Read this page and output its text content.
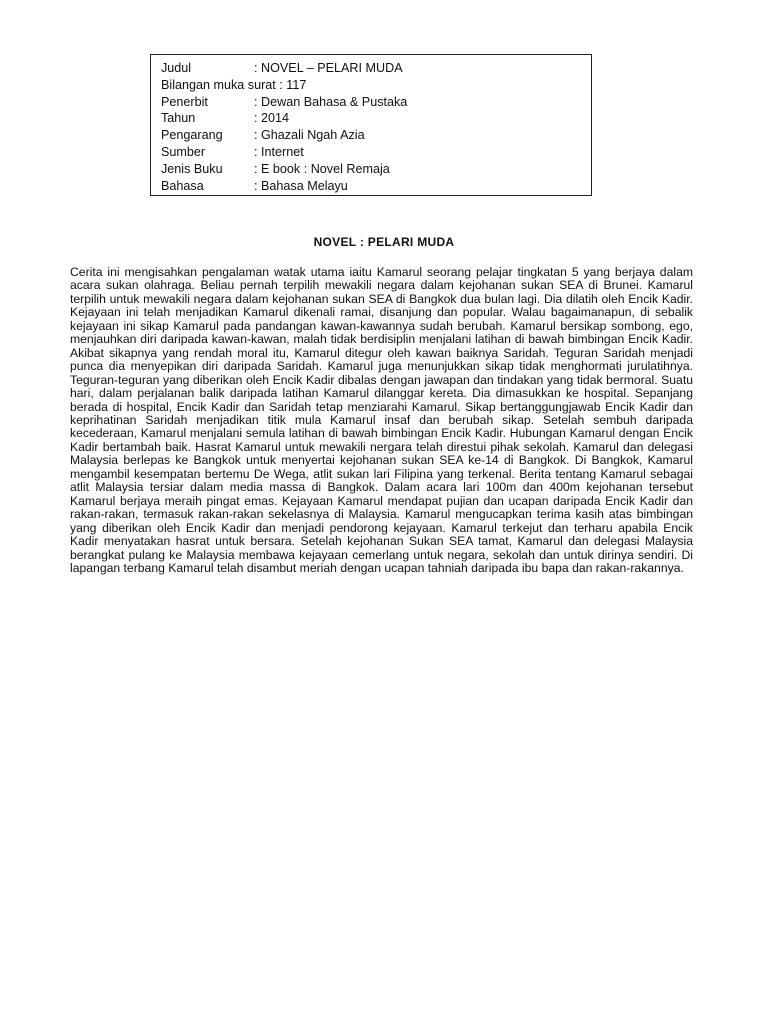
Judul	: NOVEL – PELARI MUDA
Bilangan muka surat : 117
Penerbit	: Dewan Bahasa & Pustaka
Tahun	: 2014
Pengarang : Ghazali Ngah Azia
Sumber	: Internet
Jenis Buku : E book : Novel Remaja
Bahasa	: Bahasa Melayu
NOVEL : PELARI MUDA

Cerita ini mengisahkan pengalaman watak utama iaitu Kamarul seorang pelajar tingkatan 5 yang berjaya dalam acara sukan olahraga. Beliau pernah terpilih mewakili negara dalam kejohanan sukan SEA di Brunei. Kamarul terpilih untuk mewakili negara dalam kejohanan sukan SEA di Bangkok dua bulan lagi. Dia dilatih oleh Encik Kadir. Kejayaan ini telah menjadikan Kamarul dikenali ramai, disanjung dan popular. Walau bagaimanapun, di sebalik kejayaan ini sikap Kamarul pada pandangan kawan-kawannya sudah berubah. Kamarul bersikap sombong, ego, menjauhkan diri daripada kawan-kawan, malah tidak berdisiplin menjalani latihan di bawah bimbingan Encik Kadir. Akibat sikapnya yang rendah moral itu, Kamarul ditegur oleh kawan baiknya Saridah. Teguran Saridah menjadi punca dia menyepikan diri daripada Saridah. Kamarul juga menunjukkan sikap tidak menghormati jurulatihnya. Teguran-teguran yang diberikan oleh Encik Kadir dibalas dengan jawapan dan tindakan yang tidak bermoral. Suatu hari, dalam perjalanan balik daripada latihan Kamarul dilanggar kereta. Dia dimasukkan ke hospital. Sepanjang berada di hospital, Encik Kadir dan Saridah tetap menziarahi Kamarul. Sikap bertanggungjawab Encik Kadir dan keprihatinan Saridah menjadikan titik mula Kamarul insaf dan berubah sikap. Setelah sembuh daripada kecederaan, Kamarul menjalani semula latihan di bawah bimbingan Encik Kadir. Hubungan Kamarul dengan Encik Kadir bertambah baik. Hasrat Kamarul untuk mewakili nergara telah direstui pihak sekolah. Kamarul dan delegasi Malaysia berlepas ke Bangkok untuk menyertai kejohanan sukan SEA ke-14 di Bangkok. Di Bangkok, Kamarul mengambil kesempatan bertemu De Wega, atlit sukan lari Filipina yang terkenal. Berita tentang Kamarul sebagai atlit Malaysia tersiar dalam media massa di Bangkok. Dalam acara lari 100m dan 400m kejohanan tersebut Kamarul berjaya meraih pingat emas. Kejayaan Kamarul mendapat pujian dan ucapan daripada Encik Kadir dan rakan-rakan, termasuk rakan-rakan sekelasnya di Malaysia. Kamarul mengucapkan terima kasih atas bimbingan yang diberikan oleh Encik Kadir dan menjadi pendorong kejayaan. Kamarul terkejut dan terharu apabila Encik Kadir menyatakan hasrat untuk bersara. Setelah kejohanan Sukan SEA tamat, Kamarul dan delegasi Malaysia berangkat pulang ke Malaysia membawa kejayaan cemerlang untuk negara, sekolah dan untuk dirinya sendiri. Di lapangan terbang Kamarul telah disambut meriah dengan ucapan tahniah daripada ibu bapa dan rakan-rakannya.
